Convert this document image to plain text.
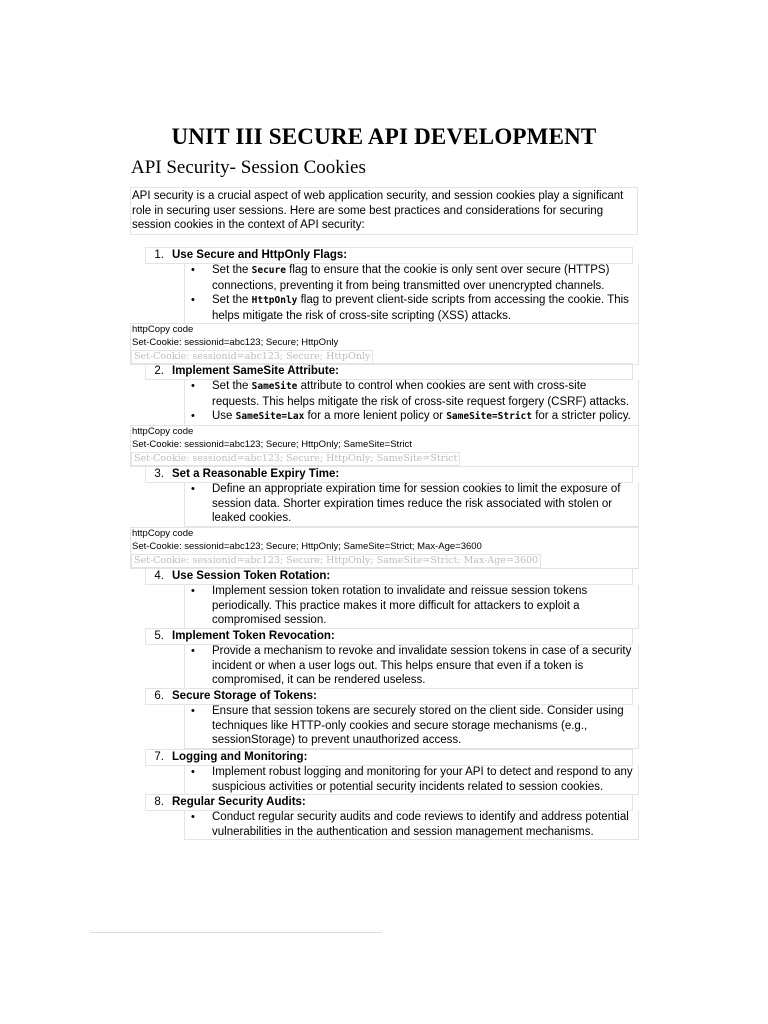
UNIT III SECURE API DEVELOPMENT
API Security- Session Cookies
API security is a crucial aspect of web application security, and session cookies play a significant role in securing user sessions. Here are some best practices and considerations for securing session cookies in the context of API security:
1. Use Secure and HttpOnly Flags:
• Set the Secure flag to ensure that the cookie is only sent over secure (HTTPS) connections, preventing it from being transmitted over unencrypted channels.
• Set the HttpOnly flag to prevent client-side scripts from accessing the cookie. This helps mitigate the risk of cross-site scripting (XSS) attacks.
httpCopy code
Set-Cookie: sessionid=abc123; Secure; HttpOnly
Set-Cookie: sessionid=abc123; Secure; HttpOnly
2. Implement SameSite Attribute:
• Set the SameSite attribute to control when cookies are sent with cross-site requests. This helps mitigate the risk of cross-site request forgery (CSRF) attacks.
• Use SameSite=Lax for a more lenient policy or SameSite=Strict for a stricter policy.
httpCopy code
Set-Cookie: sessionid=abc123; Secure; HttpOnly; SameSite=Strict
Set-Cookie: sessionid=abc123; Secure; HttpOnly; SameSite=Strict
3. Set a Reasonable Expiry Time:
• Define an appropriate expiration time for session cookies to limit the exposure of session data. Shorter expiration times reduce the risk associated with stolen or leaked cookies.
httpCopy code
Set-Cookie: sessionid=abc123; Secure; HttpOnly; SameSite=Strict; Max-Age=3600
Set-Cookie: sessionid=abc123; Secure; HttpOnly; SameSite=Strict; Max-Age=3600
4. Use Session Token Rotation:
• Implement session token rotation to invalidate and reissue session tokens periodically. This practice makes it more difficult for attackers to exploit a compromised session.
5. Implement Token Revocation:
• Provide a mechanism to revoke and invalidate session tokens in case of a security incident or when a user logs out. This helps ensure that even if a token is compromised, it can be rendered useless.
6. Secure Storage of Tokens:
• Ensure that session tokens are securely stored on the client side. Consider using techniques like HTTP-only cookies and secure storage mechanisms (e.g., sessionStorage) to prevent unauthorized access.
7. Logging and Monitoring:
• Implement robust logging and monitoring for your API to detect and respond to any suspicious activities or potential security incidents related to session cookies.
8. Regular Security Audits:
• Conduct regular security audits and code reviews to identify and address potential vulnerabilities in the authentication and session management mechanisms.
